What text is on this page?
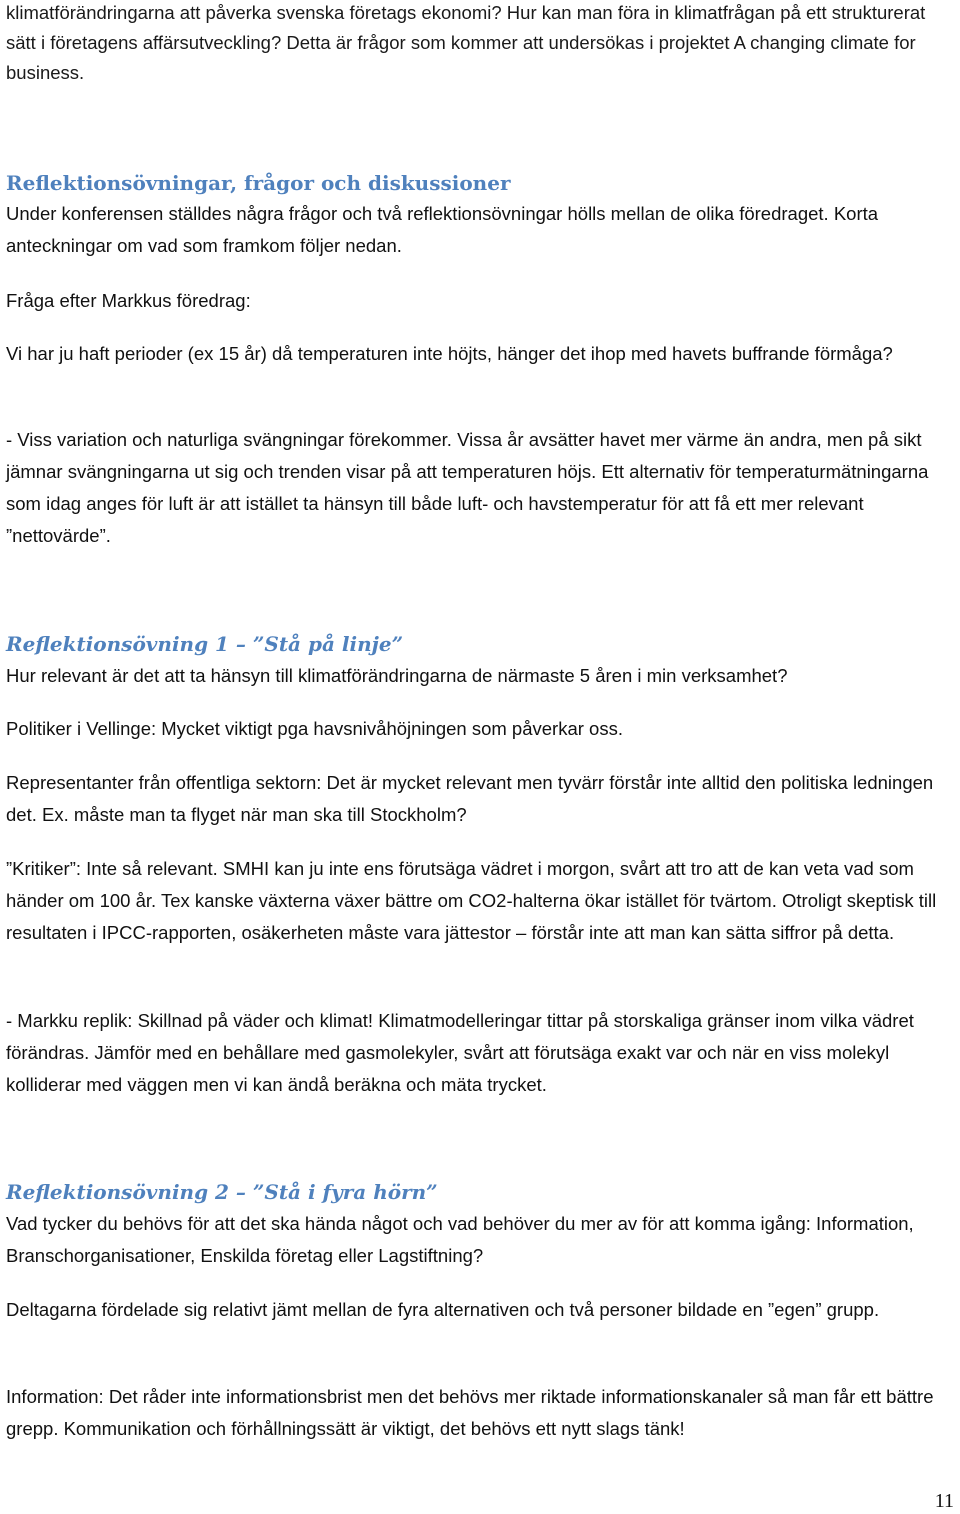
klimatförändringarna att påverka svenska företags ekonomi? Hur kan man föra in klimatfrågan på ett strukturerat sätt i företagens affärsutveckling? Detta är frågor som kommer att undersökas i projektet A changing climate for business.

Reflektionsövningar, frågor och diskussioner

Under konferensen ställdes några frågor och två reflektionsövningar hölls mellan de olika föredraget. Korta anteckningar om vad som framkom följer nedan.

Fråga efter Markkus föredrag:

Vi har ju haft perioder (ex 15 år) då temperaturen inte höjts, hänger det ihop med havets buffrande förmåga?

- Viss variation och naturliga svängningar förekommer. Vissa år avsätter havet mer värme än andra, men på sikt jämnar svängningarna ut sig och trenden visar på att temperaturen höjs. Ett alternativ för temperaturmätningarna som idag anges för luft är att istället ta hänsyn till både luft- och havstemperatur för att få ett mer relevant ”nettovärde”.

Reflektionsövning 1 – ”Stå på linje”

Hur relevant är det att ta hänsyn till klimatförändringarna de närmaste 5 åren i min verksamhet?

Politiker i Vellinge: Mycket viktigt pga havsnivåhöjningen som påverkar oss.

Representanter från offentliga sektorn: Det är mycket relevant men tyvärr förstår inte alltid den politiska ledningen det. Ex. måste man ta flyget när man ska till Stockholm?

”Kritiker”: Inte så relevant. SMHI kan ju inte ens förutsäga vädret i morgon, svårt att tro att de kan veta vad som händer om 100 år. Tex kanske växterna växer bättre om CO2-halterna ökar istället för tvärtom. Otroligt skeptisk till resultaten i IPCC-rapporten, osäkerheten måste vara jättestor – förstår inte att man kan sätta siffror på detta.

- Markku replik: Skillnad på väder och klimat! Klimatmodelleringar tittar på storskaliga gränser inom vilka vädret förändras. Jämför med en behållare med gasmolekyler, svårt att förutsäga exakt var och när en viss molekyl kolliderar med väggen men vi kan ändå beräkna och mäta trycket.

Reflektionsövning 2 – ”Stå i fyra hörn”

Vad tycker du behövs för att det ska hända något och vad behöver du mer av för att komma igång: Information, Branschorganisationer, Enskilda företag eller Lagstiftning?

Deltagarna fördelade sig relativt jämt mellan de fyra alternativen och två personer bildade en ”egen” grupp.

Information: Det råder inte informationsbrist men det behövs mer riktade informationskanaler så man får ett bättre grepp. Kommunikation och förhållningssätt är viktigt, det behövs ett nytt slags tänk!

11
